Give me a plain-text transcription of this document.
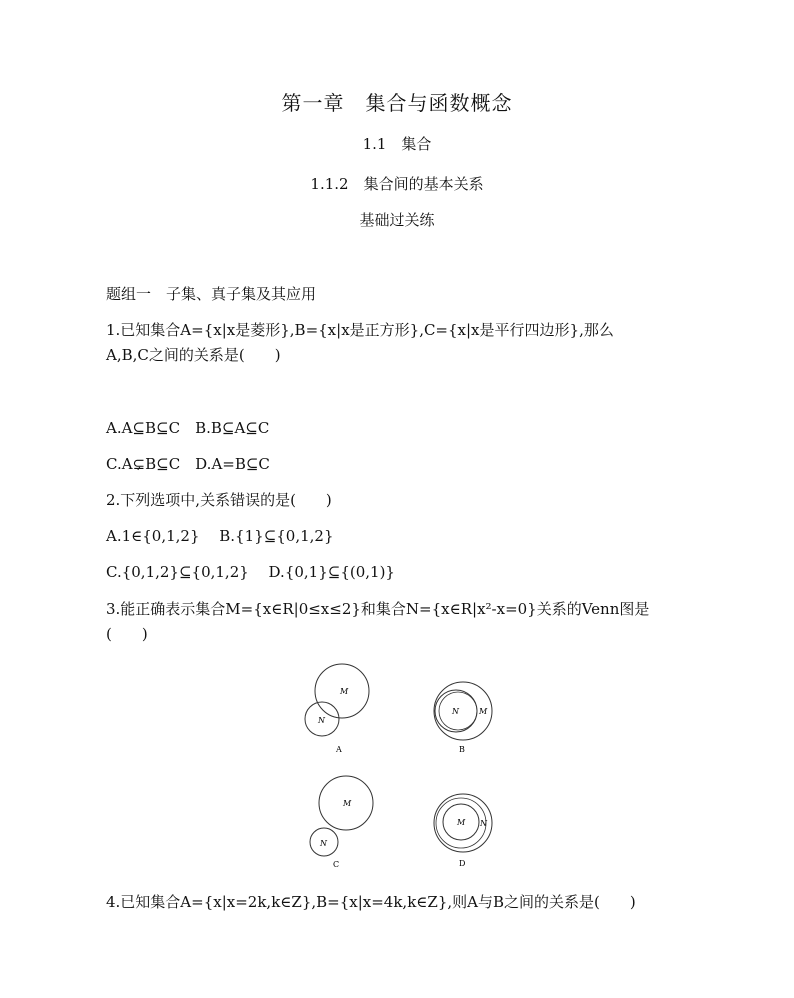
第一章　集合与函数概念
1.1　集合
1.1.2　集合间的基本关系
基础过关练
题组一　子集、真子集及其应用
1.已知集合A={x|x是菱形},B={x|x是正方形},C={x|x是平行四边形},那么
A,B,C之间的关系是(　　)
A.A⊆B⊆C　B.B⊆A⊆C
C.A⊊B⊆C　D.A=B⊆C
2.下列选项中,关系错误的是(　　)
A.1∈{0,1,2}　 B.{1}⊆{0,1,2}
C.{0,1,2}⊆{0,1,2}　 D.{0,1}⊆{(0,1)}
3.能正确表示集合M={x∈R|0≤x≤2}和集合N={x∈R|x²-x=0}关系的Venn图是
(　　)
M
N
A
N	M
B
M
N
C
M N
D
4.已知集合A={x|x=2k,k∈Z},B={x|x=4k,k∈Z},则A与B之间的关系是(　　)
